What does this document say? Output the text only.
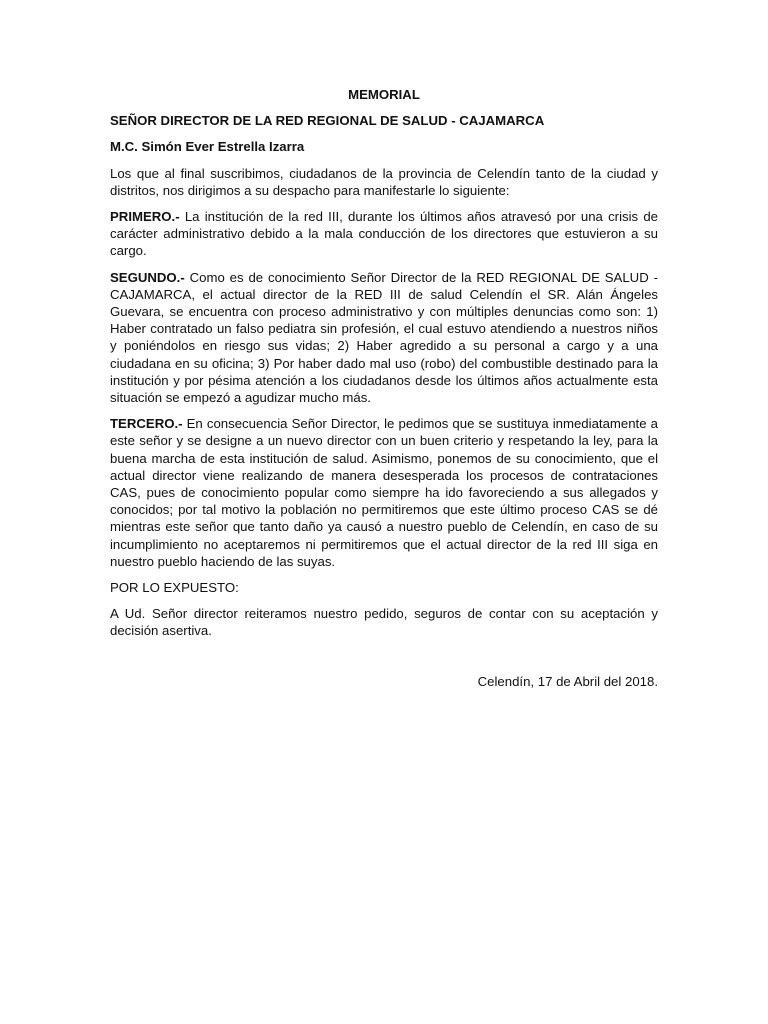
MEMORIAL
SEÑOR DIRECTOR DE LA RED REGIONAL DE SALUD - CAJAMARCA
M.C. Simón Ever Estrella Izarra

Los que al final suscribimos, ciudadanos de la provincia de Celendín tanto de la ciudad y distritos, nos dirigimos a su despacho para manifestarle lo siguiente:

PRIMERO.- La institución de la red III, durante los últimos años atravesó por una crisis de carácter administrativo debido a la mala conducción de los directores que estuvieron a su cargo.

SEGUNDO.- Como es de conocimiento Señor Director de la RED REGIONAL DE SALUD - CAJAMARCA, el actual director de la RED III de salud Celendín el SR. Alán Ángeles Guevara, se encuentra con proceso administrativo y con múltiples denuncias como son: 1) Haber contratado un falso pediatra sin profesión, el cual estuvo atendiendo a nuestros niños y poniéndolos en riesgo sus vidas; 2) Haber agredido a su personal a cargo y a una ciudadana en su oficina; 3) Por haber dado mal uso (robo) del combustible destinado para la institución y por pésima atención a los ciudadanos desde los últimos años actualmente esta situación se empezó a agudizar mucho más.

TERCERO.- En consecuencia Señor Director, le pedimos que se sustituya inmediatamente a este señor y se designe a un nuevo director con un buen criterio y respetando la ley, para la buena marcha de esta institución de salud. Asimismo, ponemos de su conocimiento, que el actual director viene realizando de manera desesperada los procesos de contrataciones CAS, pues de conocimiento popular como siempre ha ido favoreciendo a sus allegados y conocidos; por tal motivo la población no permitiremos que este último proceso CAS se dé mientras este señor que tanto daño ya causó a nuestro pueblo de Celendín, en caso de su incumplimiento no aceptaremos ni permitiremos que el actual director de la red III siga en nuestro pueblo haciendo de las suyas.

POR LO EXPUESTO:

A Ud. Señor director reiteramos nuestro pedido, seguros de contar con su aceptación y decisión asertiva.

Celendín, 17 de Abril del 2018.
